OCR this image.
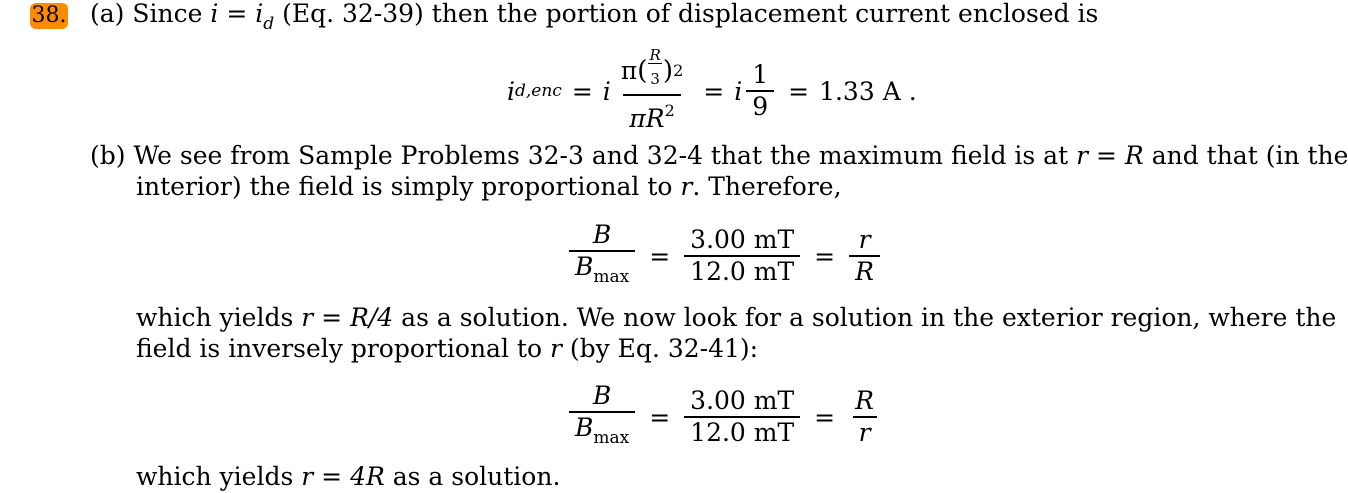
38. (a) Since $i = i_d$ (Eq. 32-39) then the portion of displacement current enclosed is
i d,enc = i $\frac{\pi ( \frac{R}{3} ) 2}{\pi R^2} = i \frac{1}{9} = 1.33$ A .
(b) We see from Sample Problems 32-3 and 32-4 that the maximum field is at r = R and that (in the
interior) the field is simply proportional to r. Therefore,
$\frac{B}{B_{max}} = \frac{3.00 mT}{12.0 mT} = \frac{r}{R}$
which yields r = R/4 as a solution. We now look for a solution in the exterior region, where the
field is inversely proportional to r (by Eq. 32-41):
$\frac{B}{B_{max}} = \frac{3.00 mT}{12.0 mT} = \frac{R}{r}$
which yields r = 4R as a solution.
